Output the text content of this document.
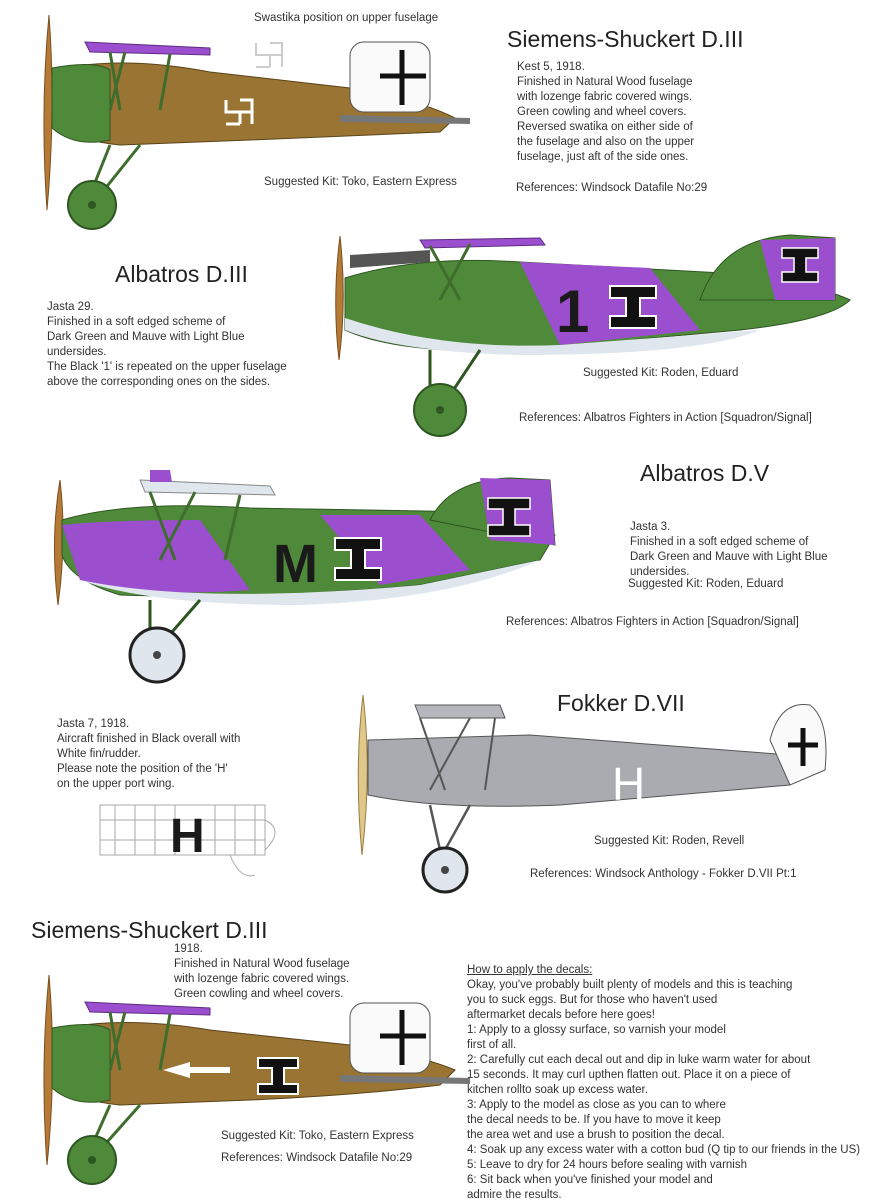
Swastika position on upper fuselage
Siemens-Shuckert D.III
Kest 5, 1918.
Finished in Natural Wood fuselage
with lozenge fabric covered wings.
Green cowling and wheel covers.
Reversed swatika on either side of
the fuselage and also on the upper
fuselage, just aft of the side ones.
Suggested Kit: Toko, Eastern Express	References: Windsock Datafile No:29
Albatros D.III
Jasta 29.
Finished in a soft edged scheme of
Dark Green and Mauve with Light Blue
undersides.
The Black '1' is repeated on the upper fuselage
above the corresponding ones on the sides.
Suggested Kit: Roden, Eduard
References: Albatros Fighters in Action [Squadron/Signal]
1
Albatros D.V
Jasta 3.
Finished in a soft edged scheme of
Dark Green and Mauve with Light Blue
undersides.
Suggested Kit: Roden, Eduard
References: Albatros Fighters in Action [Squadron/Signal]
M
Fokker D.VII
Jasta 7, 1918.
Aircraft finished in Black overall with
White fin/rudder.
Please note the position of the 'H'
on the upper port wing.
Suggested Kit: Roden, Revell
References: Windsock Anthology - Fokker D.VII Pt:1
H
H
Siemens-Shuckert D.III
1918.
Finished in Natural Wood fuselage
with lozenge fabric covered wings.
Green cowling and wheel covers.
Suggested Kit: Toko, Eastern Express
References: Windsock Datafile No:29
How to apply the decals:
Okay, you've probably built plenty of models and this is teaching
you to suck eggs. But for those who haven't used
aftermarket decals before here goes!
1: Apply to a glossy surface, so varnish your model
first of all.
2: Carefully cut each decal out and dip in luke warm water for about
15 seconds. It may curl upthen flatten out. Place it on a piece of
kitchen rollto soak up excess water.
3: Apply to the model as close as you can to where
the decal needs to be. If you have to move it keep
the area wet and use a brush to position the decal.
4: Soak up any excess water with a cotton bud (Q tip to our friends in the US)
5: Leave to dry for 24 hours before sealing with varnish
6: Sit back when you've finished your model and
admire the results.
